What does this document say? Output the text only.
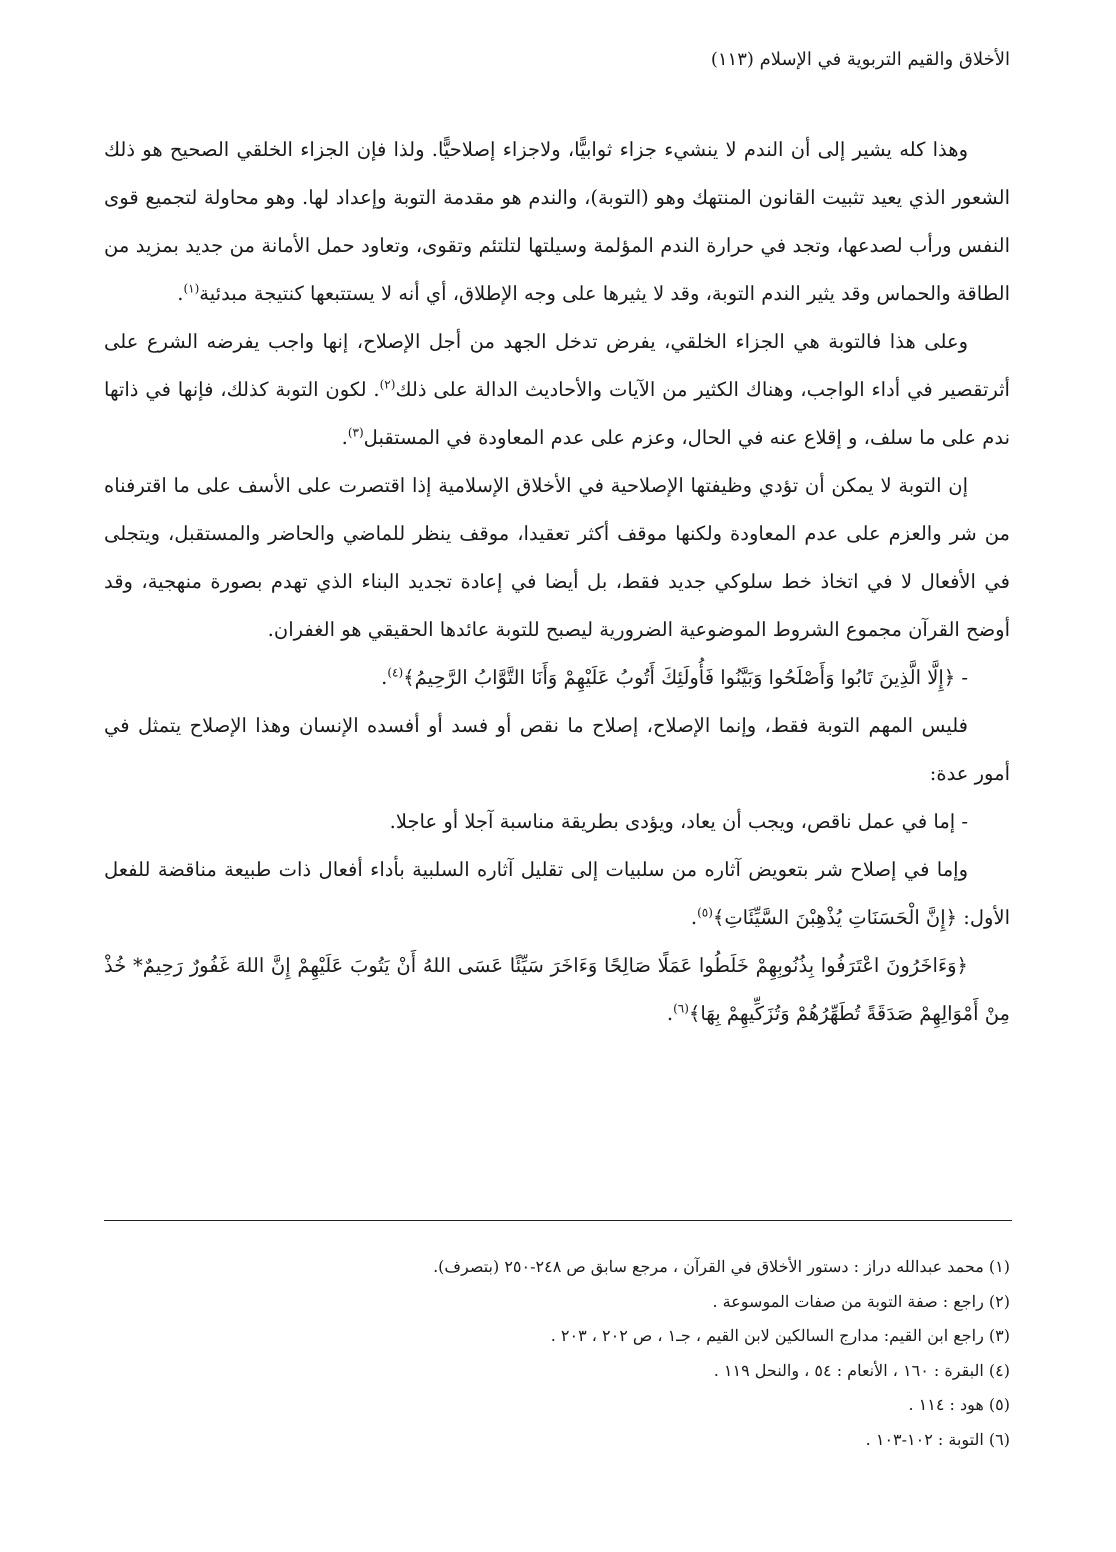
الأخلاق والقيم التربوية في الإسلام (١١٣)

وهذا كله يشير إلى أن الندم لا ينشيء جزاء ثوابيًّا، ولاجزاء إصلاحيًّا. ولذا فإن الجزاء الخلقي الصحيح هو ذلك الشعور الذي يعيد تثبيت القانون المنتهك وهو (التوبة)، والندم هو مقدمة التوبة وإعداد لها. وهو محاولة لتجميع قوى النفس ورأب لصدعها، وتجد في حرارة الندم المؤلمة وسيلتها لتلتئم وتقوى، وتعاود حمل الأمانة من جديد بمزيد من الطاقة والحماس وقد يثير الندم التوبة، وقد لا يثيرها على وجه الإطلاق، أي أنه لا يستتبعها كنتيجة مبدئية$^{(١)}$.

وعلى هذا فالتوبة هي الجزاء الخلقي، يفرض تدخل الجهد من أجل الإصلاح، إنها واجب يفرضه الشرع على أثرتقصير في أداء الواجب، وهناك الكثير من الآيات والأحاديث الدالة على ذلك$^{(٢)}$. لكون التوبة كذلك، فإنها في ذاتها ندم على ما سلف، و إقلاع عنه في الحال، وعزم على عدم المعاودة في المستقبل$^{(٣)}$.

إن التوبة لا يمكن أن تؤدي وظيفتها الإصلاحية في الأخلاق الإسلامية إذا اقتصرت على الأسف على ما اقترفناه من شر والعزم على عدم المعاودة ولكنها موقف أكثر تعقيدا، موقف ينظر للماضي والحاضر والمستقبل، ويتجلى في الأفعال لا في اتخاذ خط سلوكي جديد فقط، بل أيضا في إعادة تجديد البناء الذي تهدم بصورة منهجية، وقد أوضح القرآن مجموع الشروط الموضوعية الضرورية ليصبح للتوبة عائدها الحقيقي هو الغفران.

- ﴿إِلَّا الَّذِينَ تَابُوا وَأَصْلَحُوا وَبَيَّنُوا فَأُولَئِكَ أَتُوبُ عَلَيْهِمْ وَأَنَا التَّوَّابُ الرَّحِيمُ﴾$^{(٤)}$.

فليس المهم التوبة فقط، وإنما الإصلاح، إصلاح ما نقص أو فسد أو أفسده الإنسان وهذا الإصلاح يتمثل في أمور عدة:

- إما في عمل ناقص، ويجب أن يعاد، ويؤدى بطريقة مناسبة آجلا أو عاجلا.

وإما في إصلاح شر بتعويض آثاره من سلبيات إلى تقليل آثاره السلبية بأداء أفعال ذات طبيعة مناقضة للفعل الأول: ﴿إِنَّ الْحَسَنَاتِ يُذْهِبْنَ السَّيِّئَاتِ﴾$^{(٥)}$.

﴿وَءَاخَرُونَ اعْتَرَفُوا بِذُنُوبِهِمْ خَلَطُوا عَمَلًا صَالِحًا وَءَاخَرَ سَيِّئًا عَسَى اللهُ أَنْ يَتُوبَ عَلَيْهِمْ إِنَّ اللهَ غَفُورٌ رَحِيمٌ* خُذْ مِنْ أَمْوَالِهِمْ صَدَقَةً تُطَهِّرُهُمْ وَتُزَكِّيهِمْ بِهَا﴾$^{(٦)}$.

(١) محمد عبدالله دراز : دستور الأخلاق في القرآن ، مرجع سابق ص ٢٤٨-٢٥٠ (بتصرف).

(٢) راجع : صفة التوبة من صفات الموسوعة .

(٣) راجع ابن القيم: مدارج السالكين لابن القيم ، جـ١ ، ص ٢٠٢ ، ٢٠٣ .

(٤) البقرة : ١٦٠ ، الأنعام : ٥٤ ، والنحل ١١٩ .

(٥) هود : ١١٤ .

(٦) التوبة : ١٠٢-١٠٣ .
